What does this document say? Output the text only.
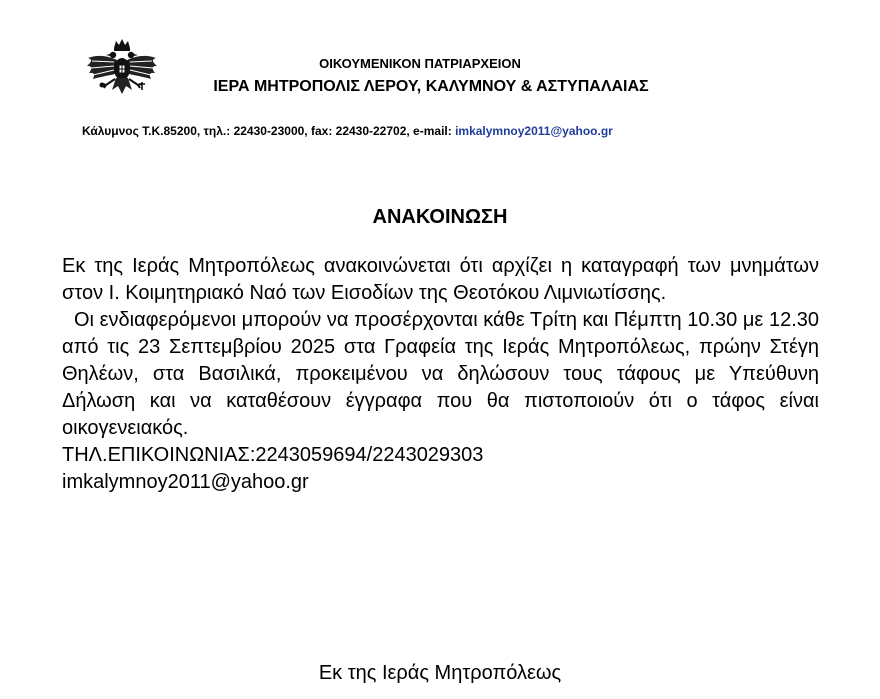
ΟΙΚΟΥΜΕΝΙΚΟΝ ΠΑΤΡΙΑΡΧΕΙΟΝ
ΙΕΡΑ ΜΗΤΡΟΠΟΛΙΣ ΛΕΡΟΥ, ΚΑΛΥΜΝΟΥ & ΑΣΤΥΠΑΛΑΙΑΣ
Κάλυμνος Τ.Κ.85200, τηλ.: 22430-23000, fax: 22430-22702, e-mail: imkalymnoy2011@yahoo.gr
ΑΝΑΚΟΙΝΩΣΗ
Εκ της Ιεράς Μητροπόλεως ανακοινώνεται ότι αρχίζει η καταγραφή των μνημάτων στον Ι. Κοιμητηριακό Ναό των Εισοδίων της Θεοτόκου Λιμνιωτίσσης.
Οι ενδιαφερόμενοι μπορούν να προσέρχονται κάθε Τρίτη και Πέμπτη 10.30 με 12.30 από τις 23 Σεπτεμβρίου 2025 στα Γραφεία της Ιεράς Μητροπόλεως, πρώην Στέγη Θηλέων, στα Βασιλικά, προκειμένου να δηλώσουν τους τάφους με Υπεύθυνη Δήλωση και να καταθέσουν έγγραφα που θα πιστοποιούν ότι ο τάφος είναι οικογενειακός.
ΤΗΛ.ΕΠΙΚΟΙΝΩΝΙΑΣ:2243059694/2243029303
imkalymnoy2011@yahoo.gr
Εκ της Ιεράς Μητροπόλεως
